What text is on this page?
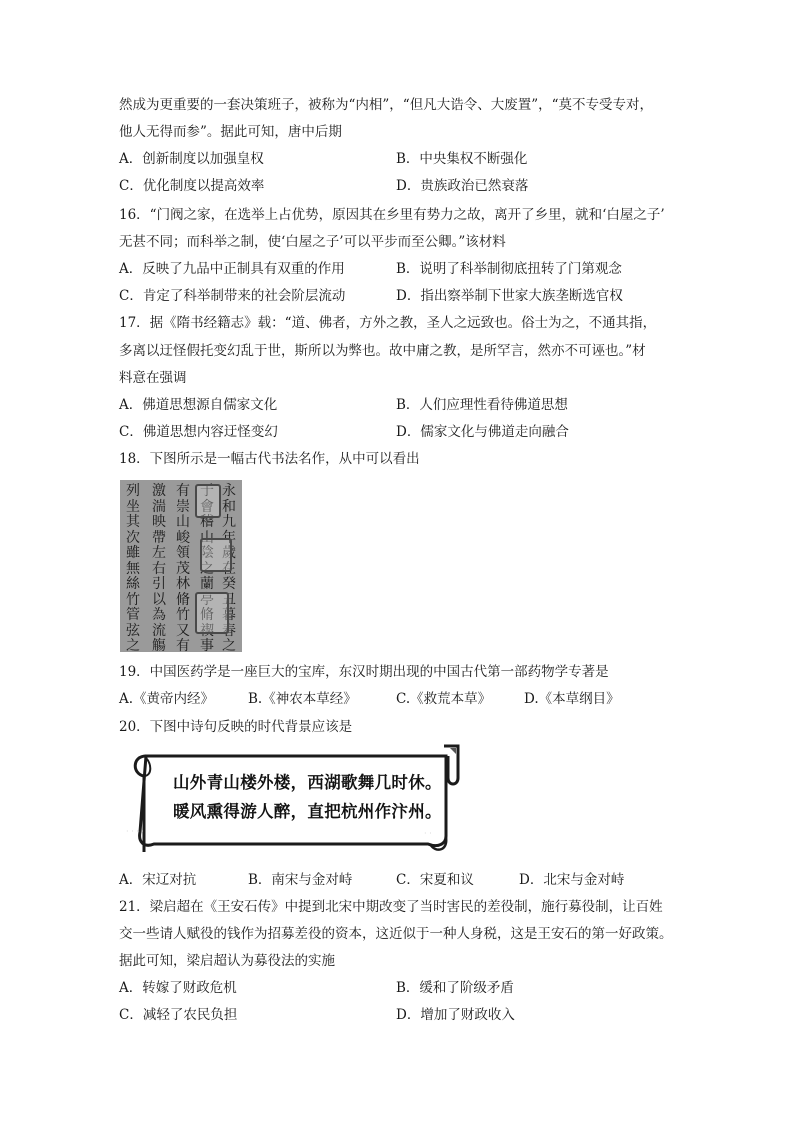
然成为更重要的一套决策班子，被称为“内相”，“但凡大诰令、大废置”，“莫不专受专对，
他人无得而参”。据此可知，唐中后期
A．创新制度以加强皇权	B．中央集权不断强化
C．优化制度以提高效率	D．贵族政治已然衰落
16．“门阀之家，在选举上占优势，原因其在乡里有势力之故，离开了乡里，就和‘白屋之子’
无甚不同；而科举之制，使‘白屋之子’可以平步而至公卿。”该材料
A．反映了九品中正制具有双重的作用	B．说明了科举制彻底扭转了门第观念
C．肯定了科举制带来的社会阶层流动	D．指出察举制下世家大族垄断选官权
17．据《隋书经籍志》载：“道、佛者，方外之教，圣人之远致也。俗士为之，不通其指，
多离以迂怪假托变幻乱于世，斯所以为弊也。故中庸之教，是所罕言，然亦不可诬也。”材
料意在强调
A．佛道思想源自儒家文化	B．人们应理性看待佛道思想
C．佛道思想内容迂怪变幻	D．儒家文化与佛道走向融合
18．下图所示是一幅古代书法名作，从中可以看出
永和九年歲在癸丑暮春之
于會稽山陰之蘭亭脩禊事
有崇山峻領茂林脩竹又有
激湍映帶左右引以為流觴
列坐其次雖無絲竹管弦之
19．中国医药学是一座巨大的宝库，东汉时期出现的中国古代第一部药物学专著是
A.《黄帝内经》	B.《神农本草经》	C.《救荒本草》 D.《本草纲目》
20．下图中诗句反映的时代背景应该是
· · · ·	· ·
山外青山楼外楼，西湖歌舞几时休。
暖风熏得游人醉，直把杭州作汴州。
A．宋辽对抗	B．南宋与金对峙	C．宋夏和议	D．北宋与金对峙
21．梁启超在《王安石传》中提到北宋中期改变了当时害民的差役制，施行募役制，让百姓
交一些请人赋役的钱作为招募差役的资本，这近似于一种人身税，这是王安石的第一好政策。
据此可知，梁启超认为募役法的实施
A．转嫁了财政危机	B．缓和了阶级矛盾
C．减轻了农民负担	D．增加了财政收入
